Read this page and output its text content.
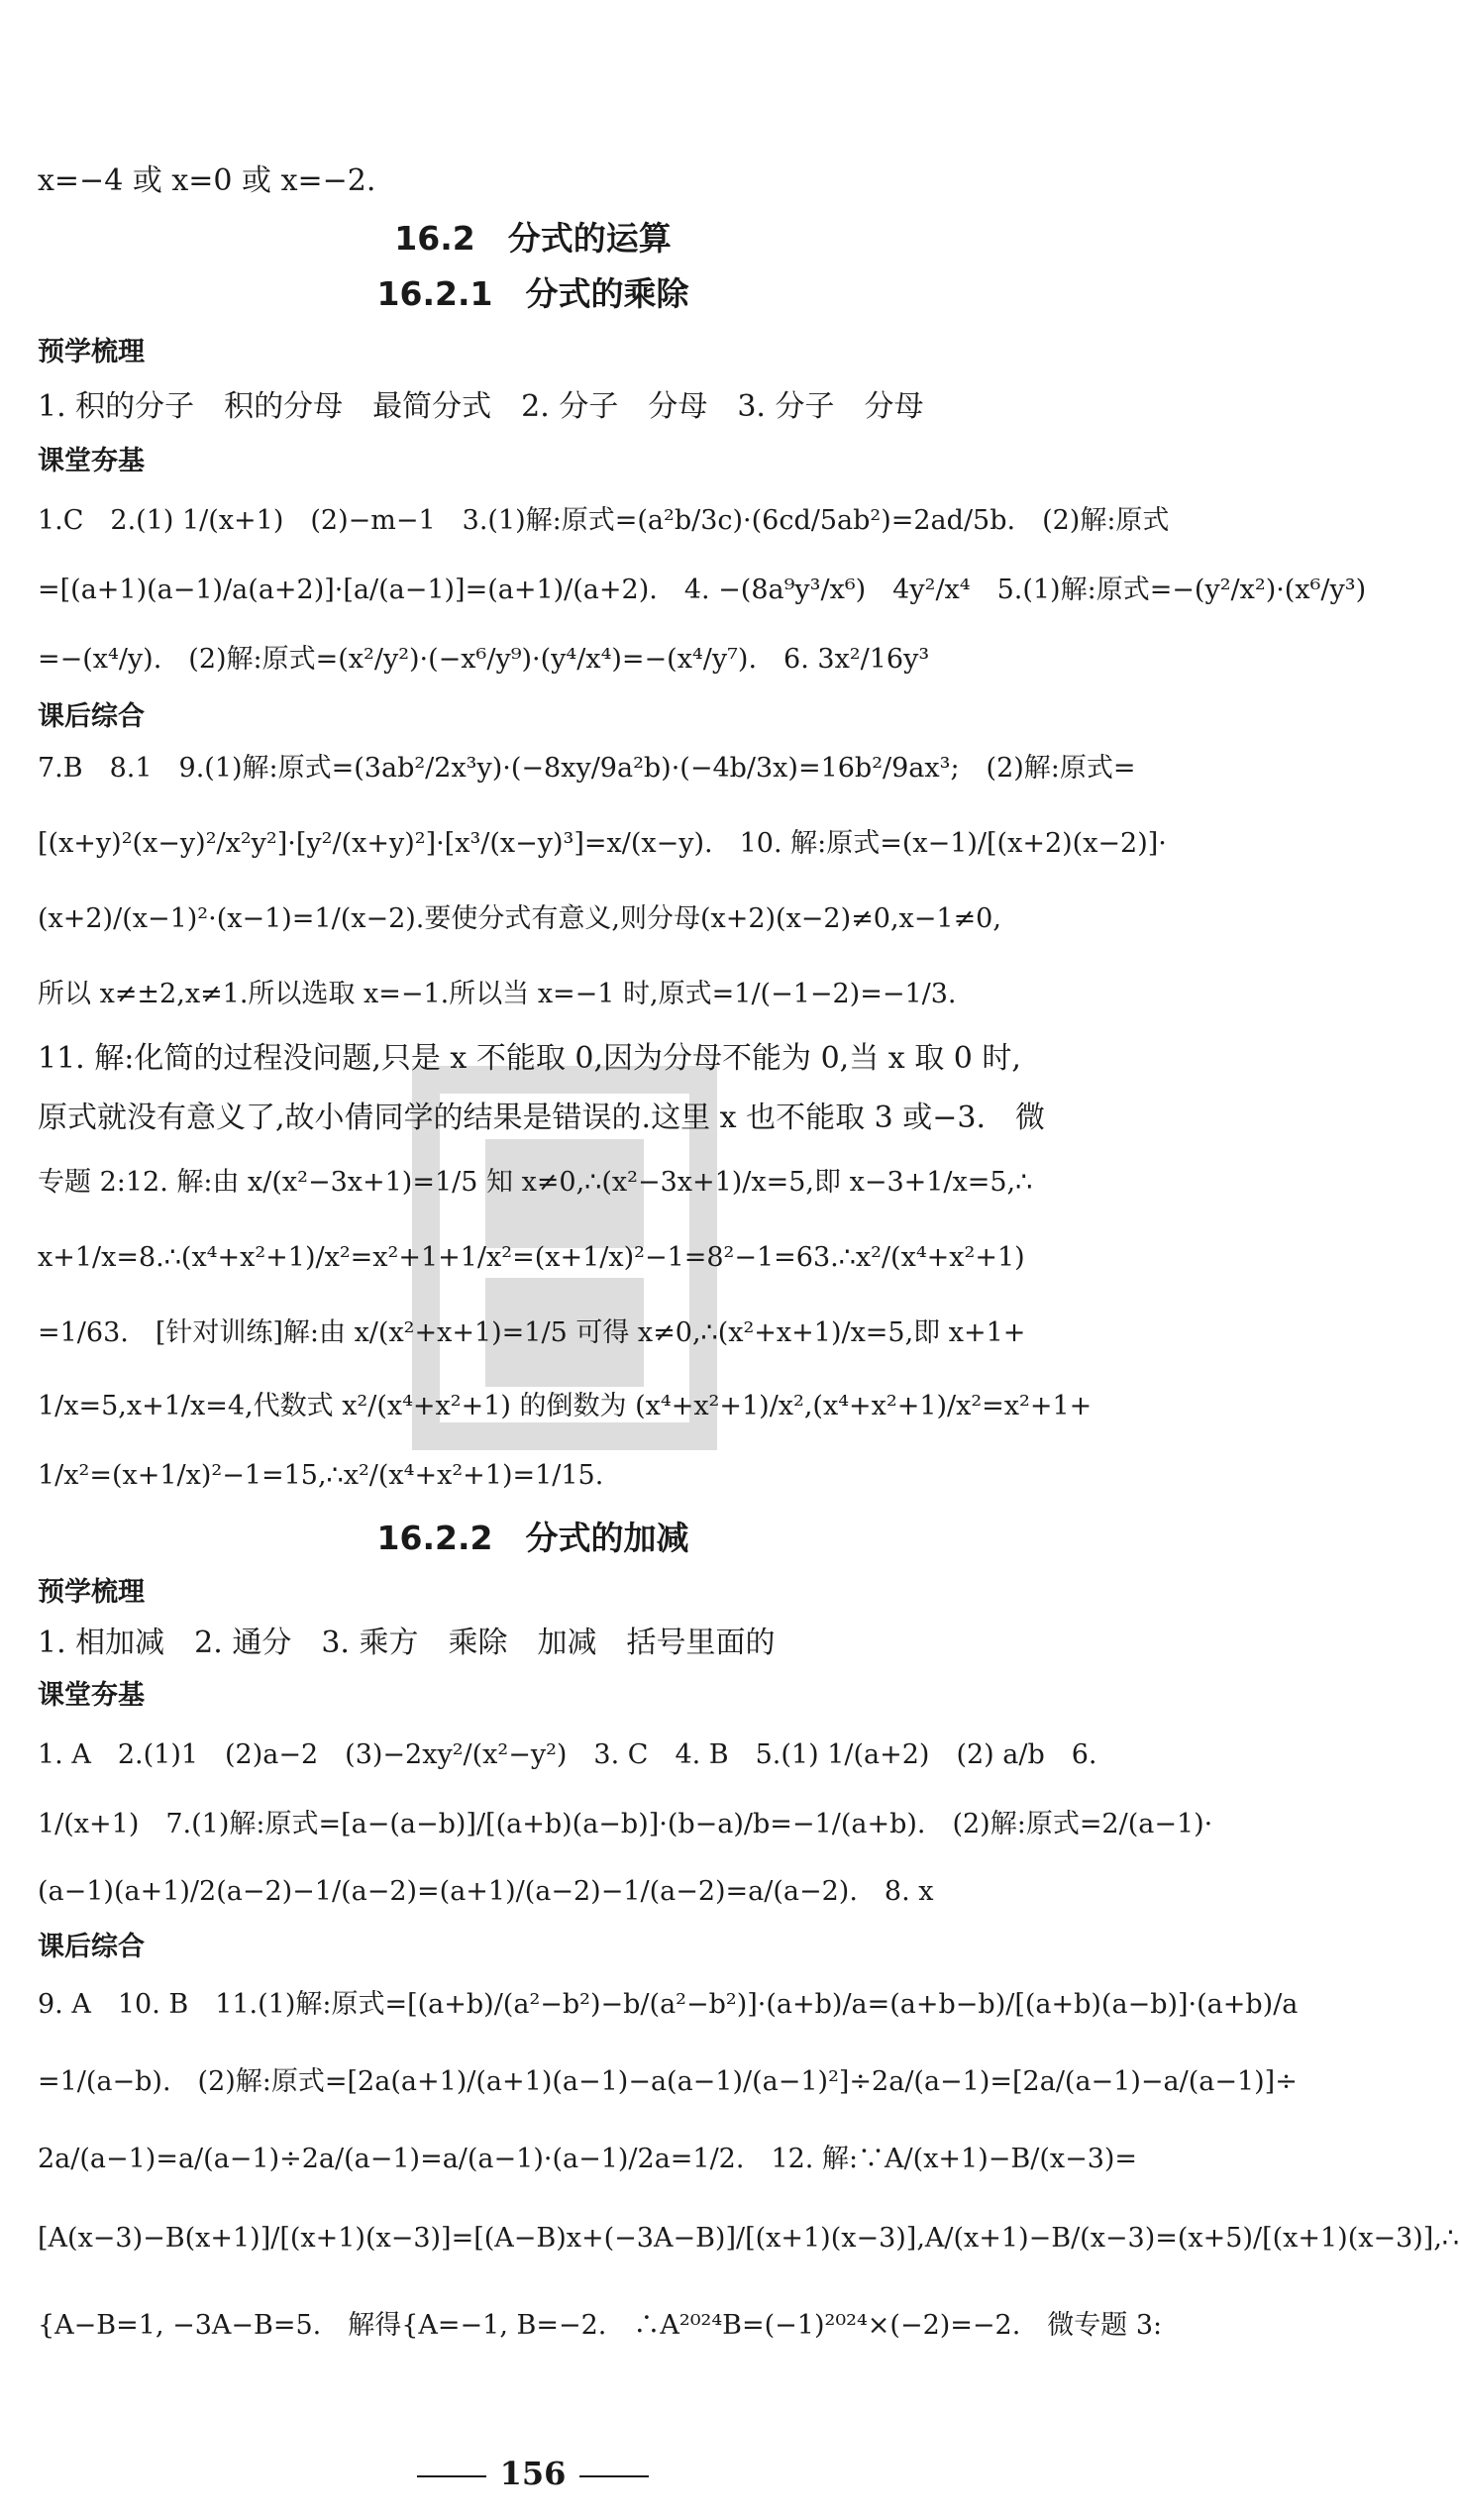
x=−4 或 x=0 或 x=−2.
16.2　分式的运算
16.2.1　分式的乘除
预学梳理
1. 积的分子　积的分母　最简分式　2. 分子　分母　3. 分子　分母
课堂夯基
1.C　2.(1) 1/(x+1)　(2)−m−1　3.(1)解:原式=(a²b/3c)·(6cd/5ab²)=2ad/5b.　(2)解:原式
=[(a+1)(a−1)/a(a+2)]·[a/(a−1)]=(a+1)/(a+2).　4. −(8a⁹y³/x⁶)　4y²/x⁴　5.(1)解:原式=−(y²/x²)·(x⁶/y³)
=−(x⁴/y).　(2)解:原式=(x²/y²)·(−x⁶/y⁹)·(y⁴/x⁴)=−(x⁴/y⁷).　6. 3x²/16y³
课后综合
7.B　8.1　9.(1)解:原式=(3ab²/2x³y)·(−8xy/9a²b)·(−4b/3x)=16b²/9ax³;　(2)解:原式=
[(x+y)²(x−y)²/x²y²]·[y²/(x+y)²]·[x³/(x−y)³]=x/(x−y).　10. 解:原式=(x−1)/[(x+2)(x−2)]·
(x+2)/(x−1)²·(x−1)=1/(x−2).要使分式有意义,则分母(x+2)(x−2)≠0,x−1≠0,
所以 x≠±2,x≠1.所以选取 x=−1.所以当 x=−1 时,原式=1/(−1−2)=−1/3.
11. 解:化简的过程没问题,只是 x 不能取 0,因为分母不能为 0,当 x 取 0 时,
原式就没有意义了,故小倩同学的结果是错误的.这里 x 也不能取 3 或−3.　微
专题 2:12. 解:由 x/(x²−3x+1)=1/5 知 x≠0,∴(x²−3x+1)/x=5,即 x−3+1/x=5,∴
x+1/x=8.∴(x⁴+x²+1)/x²=x²+1+1/x²=(x+1/x)²−1=8²−1=63.∴x²/(x⁴+x²+1)
=1/63.　[针对训练]解:由 x/(x²+x+1)=1/5 可得 x≠0,∴(x²+x+1)/x=5,即 x+1+
1/x=5,x+1/x=4,代数式 x²/(x⁴+x²+1) 的倒数为 (x⁴+x²+1)/x²,(x⁴+x²+1)/x²=x²+1+
1/x²=(x+1/x)²−1=15,∴x²/(x⁴+x²+1)=1/15.
16.2.2　分式的加减
预学梳理
1. 相加减　2. 通分　3. 乘方　乘除　加减　括号里面的
课堂夯基
1. A　2.(1)1　(2)a−2　(3)−2xy²/(x²−y²)　3. C　4. B　5.(1) 1/(a+2)　(2) a/b　6.
1/(x+1)　7.(1)解:原式=[a−(a−b)]/[(a+b)(a−b)]·(b−a)/b=−1/(a+b).　(2)解:原式=2/(a−1)·
(a−1)(a+1)/2(a−2)−1/(a−2)=(a+1)/(a−2)−1/(a−2)=a/(a−2).　8. x
课后综合
9. A　10. B　11.(1)解:原式=[(a+b)/(a²−b²)−b/(a²−b²)]·(a+b)/a=(a+b−b)/[(a+b)(a−b)]·(a+b)/a
=1/(a−b).　(2)解:原式=[2a(a+1)/(a+1)(a−1)−a(a−1)/(a−1)²]÷2a/(a−1)=[2a/(a−1)−a/(a−1)]÷
2a/(a−1)=a/(a−1)÷2a/(a−1)=a/(a−1)·(a−1)/2a=1/2.　12. 解:∵A/(x+1)−B/(x−3)=
[A(x−3)−B(x+1)]/[(x+1)(x−3)]=[(A−B)x+(−3A−B)]/[(x+1)(x−3)],A/(x+1)−B/(x−3)=(x+5)/[(x+1)(x−3)],∴
{A−B=1, −3A−B=5.　解得{A=−1, B=−2.　∴A²⁰²⁴B=(−1)²⁰²⁴×(−2)=−2.　微专题 3:
156
